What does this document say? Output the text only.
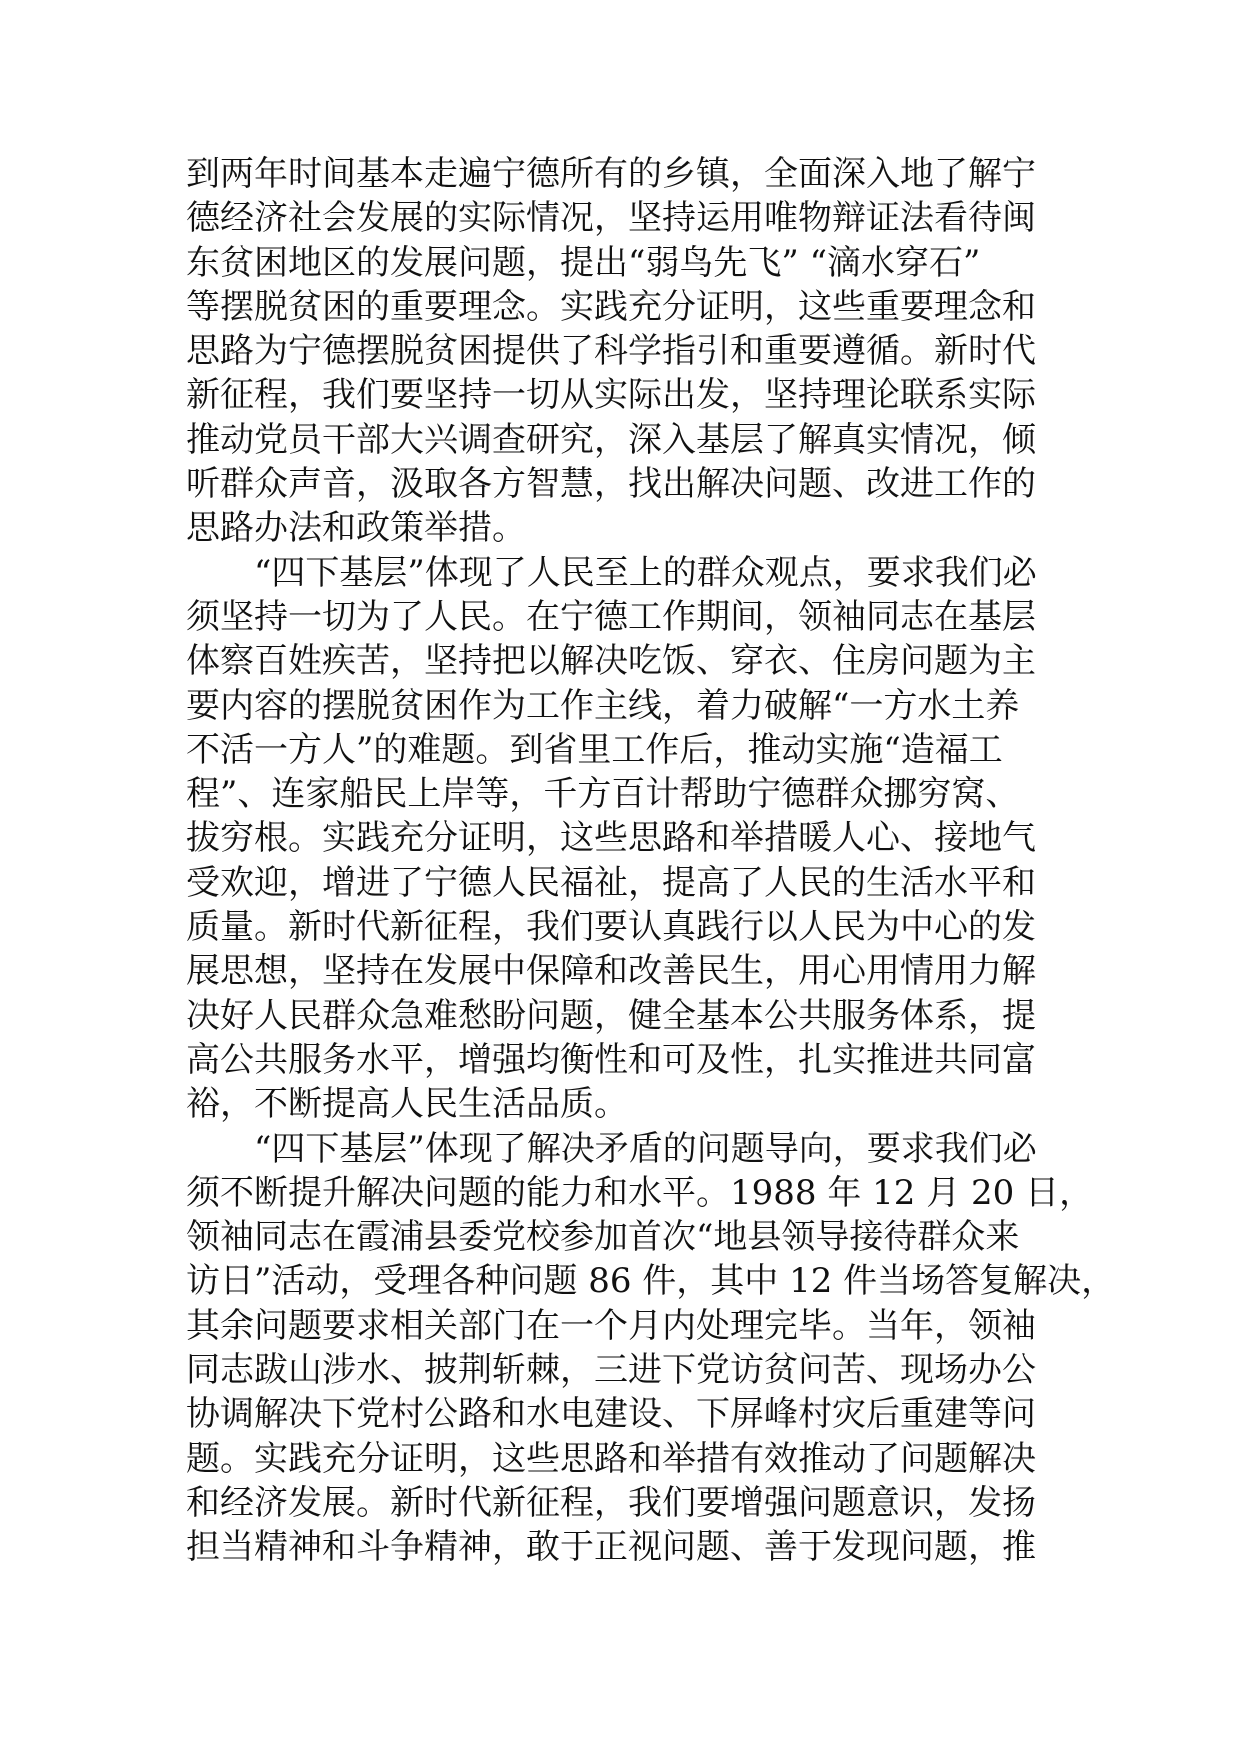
到两年时间基本走遍宁德所有的乡镇，全面深入地了解宁
德经济社会发展的实际情况，坚持运用唯物辩证法看待闽
东贫困地区的发展问题，提出“弱鸟先飞” “滴水穿石”
等摆脱贫困的重要理念。实践充分证明，这些重要理念和
思路为宁德摆脱贫困提供了科学指引和重要遵循。新时代
新征程，我们要坚持一切从实际出发，坚持理论联系实际
推动党员干部大兴调查研究，深入基层了解真实情况，倾
听群众声音，汲取各方智慧，找出解决问题、改进工作的
思路办法和政策举措。
　　“四下基层”体现了人民至上的群众观点，要求我们必
须坚持一切为了人民。在宁德工作期间，领袖同志在基层
体察百姓疾苦，坚持把以解决吃饭、穿衣、住房问题为主
要内容的摆脱贫困作为工作主线，着力破解“一方水土养
不活一方人”的难题。到省里工作后，推动实施“造福工
程”、连家船民上岸等，千方百计帮助宁德群众挪穷窝、
拔穷根。实践充分证明，这些思路和举措暖人心、接地气
受欢迎，增进了宁德人民福祉，提高了人民的生活水平和
质量。新时代新征程，我们要认真践行以人民为中心的发
展思想，坚持在发展中保障和改善民生，用心用情用力解
决好人民群众急难愁盼问题，健全基本公共服务体系，提
高公共服务水平，增强均衡性和可及性，扎实推进共同富
裕，不断提高人民生活品质。
　　“四下基层”体现了解决矛盾的问题导向，要求我们必
须不断提升解决问题的能力和水平。1988 年 12 月 20 日，
领袖同志在霞浦县委党校参加首次“地县领导接待群众来
访日”活动，受理各种问题 86 件，其中 12 件当场答复解决，
其余问题要求相关部门在一个月内处理完毕。当年，领袖
同志跋山涉水、披荆斩棘，三进下党访贫问苦、现场办公
协调解决下党村公路和水电建设、下屏峰村灾后重建等问
题。实践充分证明，这些思路和举措有效推动了问题解决
和经济发展。新时代新征程，我们要增强问题意识，发扬
担当精神和斗争精神，敢于正视问题、善于发现问题，推
